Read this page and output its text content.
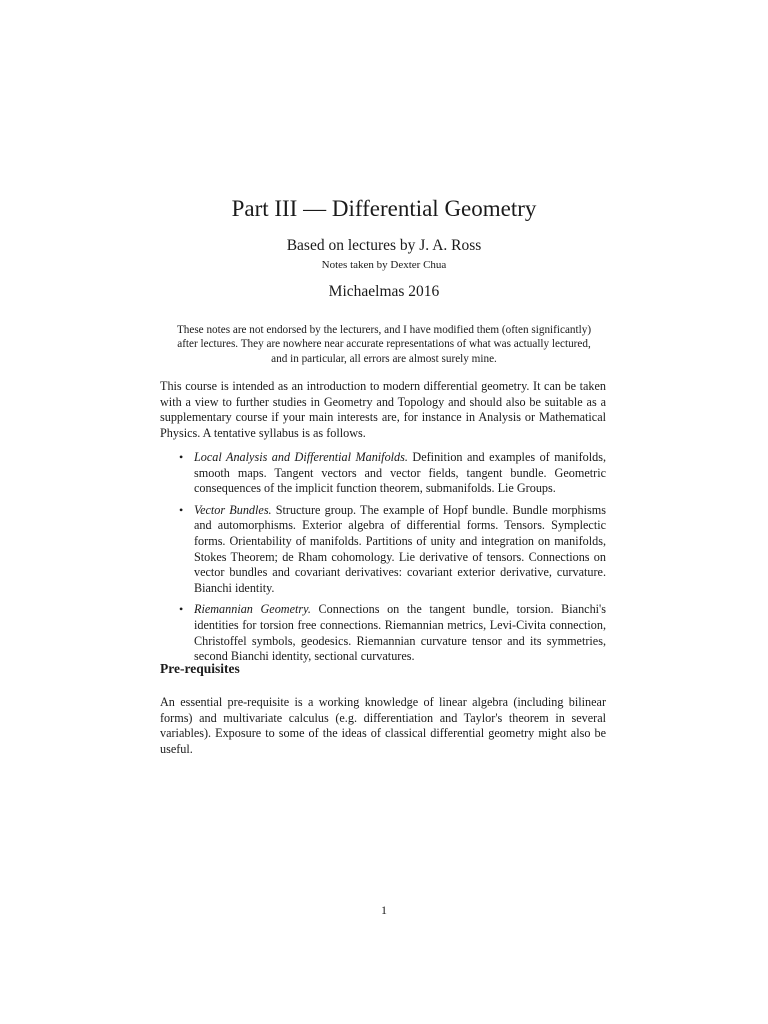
Part III — Differential Geometry
Based on lectures by J. A. Ross
Notes taken by Dexter Chua
Michaelmas 2016
These notes are not endorsed by the lecturers, and I have modified them (often significantly) after lectures. They are nowhere near accurate representations of what was actually lectured, and in particular, all errors are almost surely mine.

This course is intended as an introduction to modern differential geometry. It can be taken with a view to further studies in Geometry and Topology and should also be suitable as a supplementary course if your main interests are, for instance in Analysis or Mathematical Physics. A tentative syllabus is as follows.

• Local Analysis and Differential Manifolds. Definition and examples of manifolds, smooth maps. Tangent vectors and vector fields, tangent bundle. Geometric consequences of the implicit function theorem, submanifolds. Lie Groups.
• Vector Bundles. Structure group. The example of Hopf bundle. Bundle morphisms and automorphisms. Exterior algebra of differential forms. Tensors. Symplectic forms. Orientability of manifolds. Partitions of unity and integration on manifolds, Stokes Theorem; de Rham cohomology. Lie derivative of tensors. Connections on vector bundles and covariant derivatives: covariant exterior derivative, curvature. Bianchi identity.
• Riemannian Geometry. Connections on the tangent bundle, torsion. Bianchi's identities for torsion free connections. Riemannian metrics, Levi-Civita connection, Christoffel symbols, geodesics. Riemannian curvature tensor and its symmetries, second Bianchi identity, sectional curvatures.
Pre-requisites

An essential pre-requisite is a working knowledge of linear algebra (including bilinear forms) and multivariate calculus (e.g. differentiation and Taylor's theorem in several variables). Exposure to some of the ideas of classical differential geometry might also be useful.

1
